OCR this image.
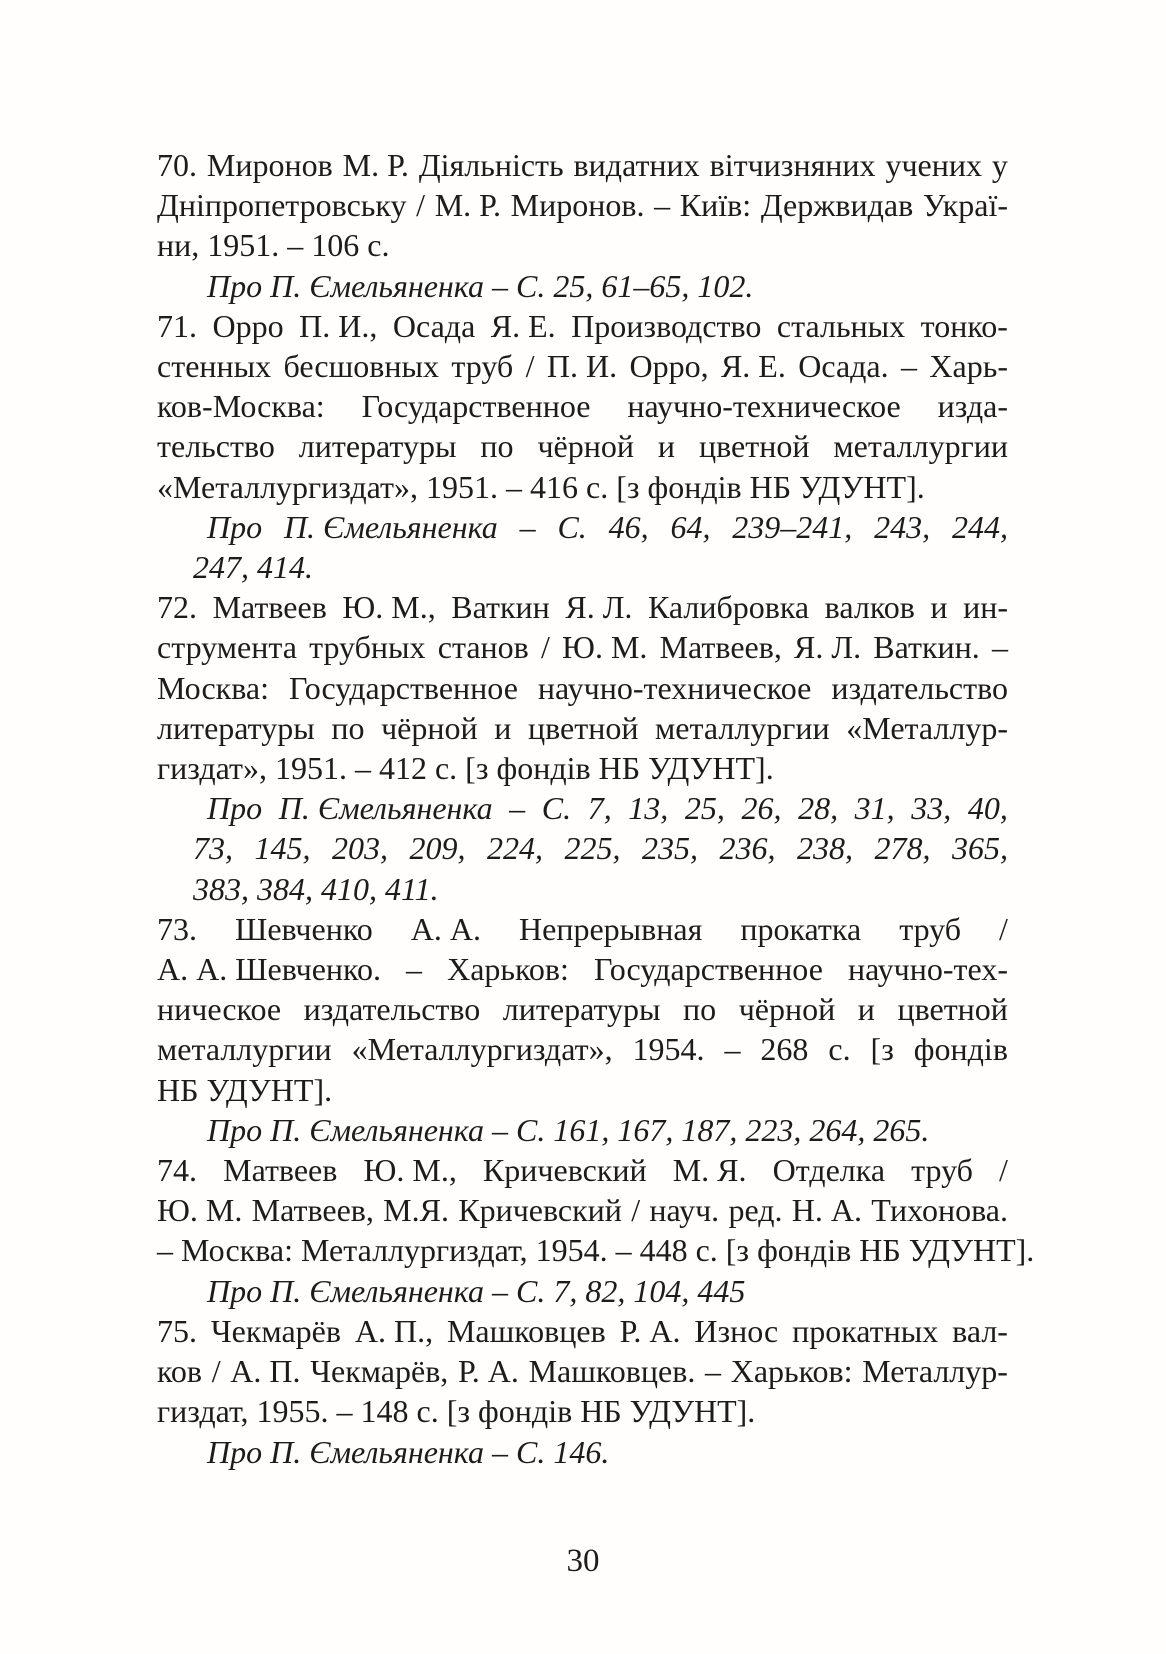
70. Миронов М. Р. Діяльність видатних вітчизняних учених у
Дніпропетровську / М. Р. Миронов. – Київ: Держвидав Украї-
ни, 1951. – 106 с.
Про П. Ємельяненка – С. 25, 61–65, 102.
71. Орро П. И., Осада Я. Е. Производство стальных тонко-
стенных бесшовных труб / П. И. Орро, Я. Е. Осада. – Харь-
ков-Москва: Государственное научно-техническое изда-
тельство литературы по чёрной и цветной металлургии
«Металлургиздат», 1951. – 416 с. [з фондів НБ УДУНТ].
Про П. Ємельяненка – С. 46, 64, 239–241, 243, 244,
247, 414.
72. Матвеев Ю. М., Ваткин Я. Л. Калибровка валков и ин-
струмента трубных станов / Ю. М. Матвеев, Я. Л. Ваткин. –
Москва: Государственное научно-техническое издательство
литературы по чёрной и цветной металлургии «Металлур-
гиздат», 1951. – 412 с. [з фондів НБ УДУНТ].
Про П. Ємельяненка – С. 7, 13, 25, 26, 28, 31, 33, 40,
73, 145, 203, 209, 224, 225, 235, 236, 238, 278, 365,
383, 384, 410, 411.
73. Шевченко А. А. Непрерывная прокатка труб /
А. А. Шевченко. – Харьков: Государственное научно-тех-
ническое издательство литературы по чёрной и цветной
металлургии «Металлургиздат», 1954. – 268 с. [з фондів
НБ УДУНТ].
Про П. Ємельяненка – С. 161, 167, 187, 223, 264, 265.
74. Матвеев Ю. М., Кричевский М. Я. Отделка труб /
Ю. М. Матвеев, М.Я. Кричевский / науч. ред. Н. А. Тихонова.
– Москва: Металлургиздат, 1954. – 448 с. [з фондів НБ УДУНТ].
Про П. Ємельяненка – С. 7, 82, 104, 445
75. Чекмарёв А. П., Машковцев Р. А. Износ прокатных вал-
ков / А. П. Чекмарёв, Р. А. Машковцев. – Харьков: Металлур-
гиздат, 1955. – 148 с. [з фондів НБ УДУНТ].
Про П. Ємельяненка – С. 146.
30
